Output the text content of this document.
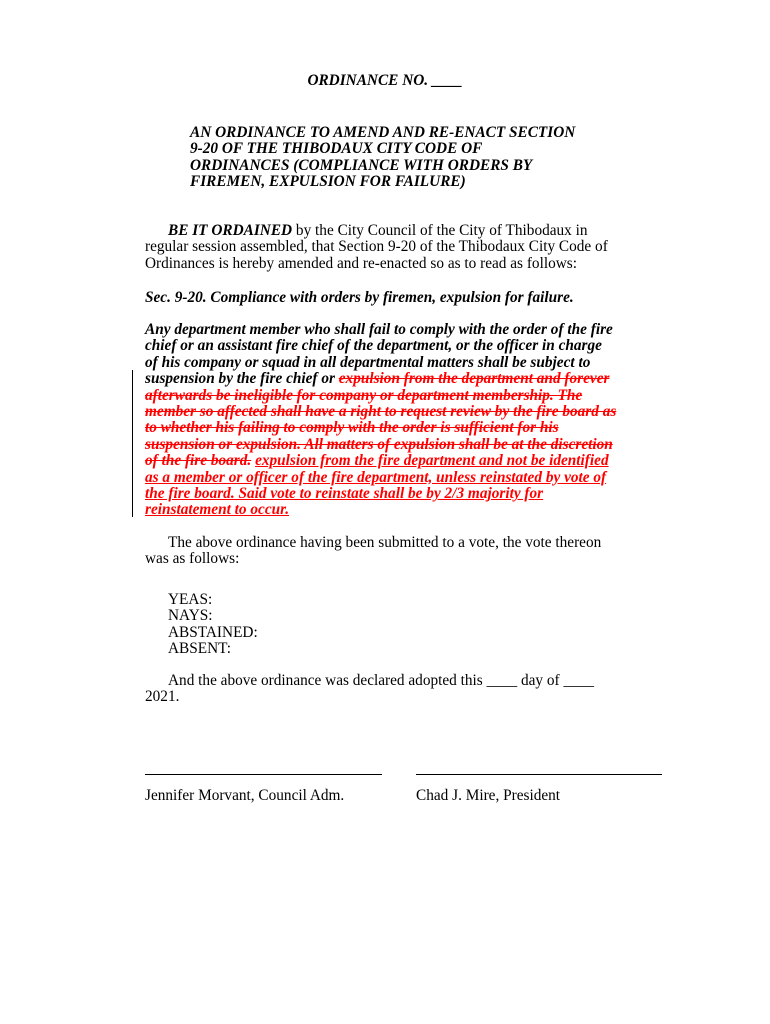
ORDINANCE NO. ____

AN ORDINANCE TO AMEND AND RE-ENACT SECTION
9-20 OF THE THIBODAUX CITY CODE OF
ORDINANCES (COMPLIANCE WITH ORDERS BY
FIREMEN, EXPULSION FOR FAILURE)
BE IT ORDAINED by the City Council of the City of Thibodaux in
regular session assembled, that Section 9-20 of the Thibodaux City Code of
Ordinances is hereby amended and re-enacted so as to read as follows:

Sec. 9-20. Compliance with orders by firemen, expulsion for failure.

Any department member who shall fail to comply with the order of the fire
chief or an assistant fire chief of the department, or the officer in charge
of his company or squad in all departmental matters shall be subject to
suspension by the fire chief or expulsion from the department and forever
afterwards be ineligible for company or department membership. The
member so affected shall have a right to request review by the fire board as
to whether his failing to comply with the order is sufficient for his
suspension or expulsion. All matters of expulsion shall be at the discretion
of the fire board. expulsion from the fire department and not be identified
as a member or officer of the fire department, unless reinstated by vote of
the fire board. Said vote to reinstate shall be by 2/3 majority for
reinstatement to occur.
The above ordinance having been submitted to a vote, the vote thereon
was as follows:
YEAS:
NAYS:
ABSTAINED:
ABSENT:
And the above ordinance was declared adopted this ____ day of ____
2021.
Jennifer Morvant, Council Adm.	Chad J. Mire, President
